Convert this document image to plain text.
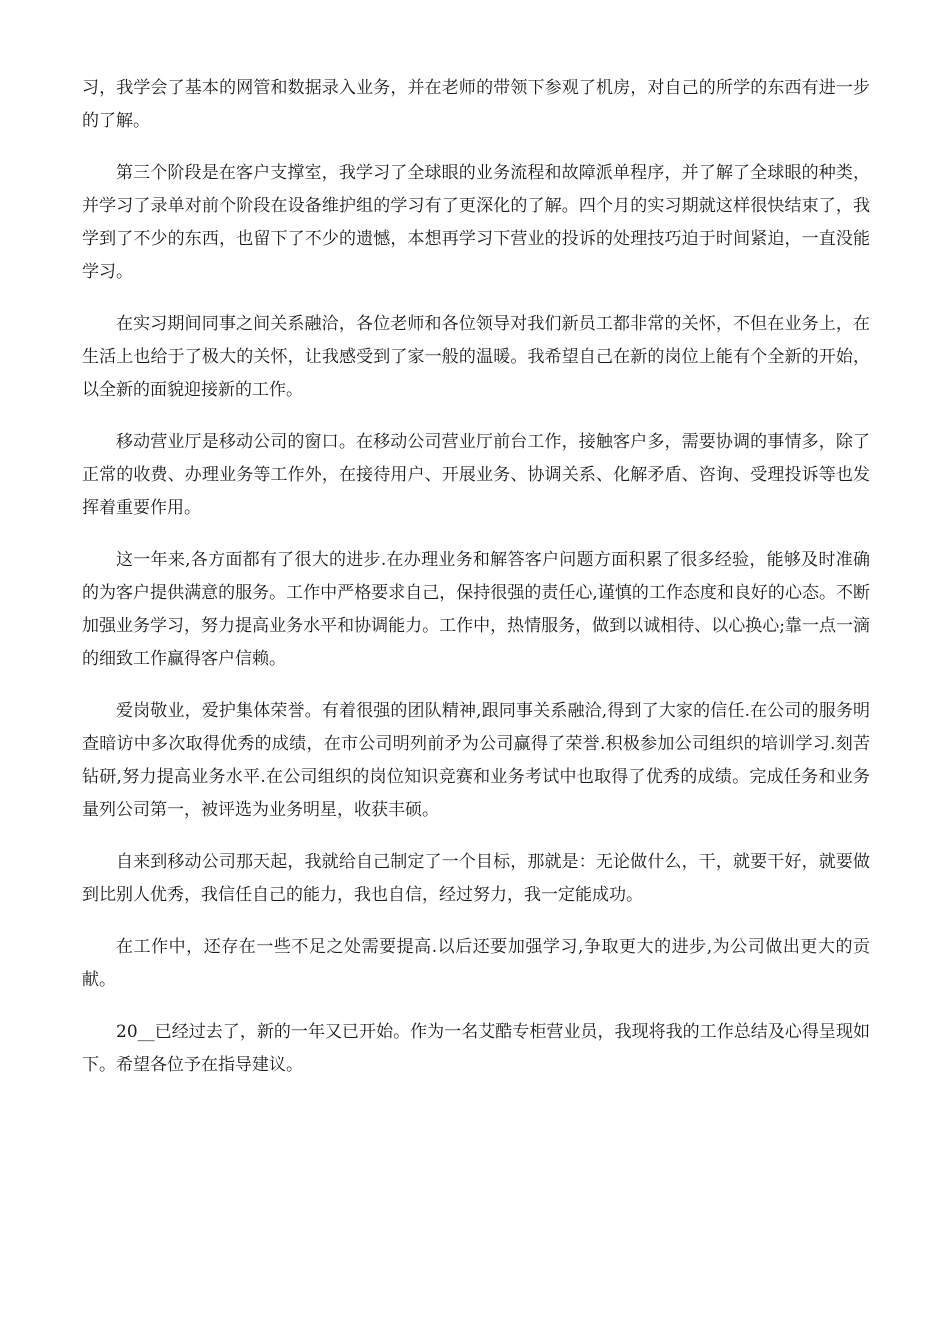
习，我学会了基本的网管和数据录入业务，并在老师的带领下参观了机房，对自己的所学的东西有进一步的了解。

第三个阶段是在客户支撑室，我学习了全球眼的业务流程和故障派单程序，并了解了全球眼的种类，并学习了录单对前个阶段在设备维护组的学习有了更深化的了解。四个月的实习期就这样很快结束了，我学到了不少的东西，也留下了不少的遗憾，本想再学习下营业的投诉的处理技巧迫于时间紧迫，一直没能学习。

在实习期间同事之间关系融洽，各位老师和各位领导对我们新员工都非常的关怀，不但在业务上，在生活上也给于了极大的关怀，让我感受到了家一般的温暖。我希望自己在新的岗位上能有个全新的开始，以全新的面貌迎接新的工作。

移动营业厅是移动公司的窗口。在移动公司营业厅前台工作，接触客户多，需要协调的事情多，除了正常的收费、办理业务等工作外，在接待用户、开展业务、协调关系、化解矛盾、咨询、受理投诉等也发挥着重要作用。

这一年来,各方面都有了很大的进步.在办理业务和解答客户问题方面积累了很多经验，能够及时准确的为客户提供满意的服务。工作中严格要求自己，保持很强的责任心,谨慎的工作态度和良好的心态。不断加强业务学习，努力提高业务水平和协调能力。工作中，热情服务，做到以诚相待、以心换心;靠一点一滴的细致工作赢得客户信赖。

爱岗敬业，爱护集体荣誉。有着很强的团队精神,跟同事关系融洽,得到了大家的信任.在公司的服务明查暗访中多次取得优秀的成绩，在市公司明列前矛为公司赢得了荣誉.积极参加公司组织的培训学习.刻苦钻研,努力提高业务水平.在公司组织的岗位知识竞赛和业务考试中也取得了优秀的成绩。完成任务和业务量列公司第一，被评选为业务明星，收获丰硕。

自来到移动公司那天起，我就给自己制定了一个目标，那就是：无论做什么，干，就要干好，就要做到比别人优秀，我信任自己的能力，我也自信，经过努力，我一定能成功。

在工作中，还存在一些不足之处需要提高.以后还要加强学习,争取更大的进步,为公司做出更大的贡献。

20__已经过去了，新的一年又已开始。作为一名艾酷专柜营业员，我现将我的工作总结及心得呈现如下。希望各位予在指导建议。
